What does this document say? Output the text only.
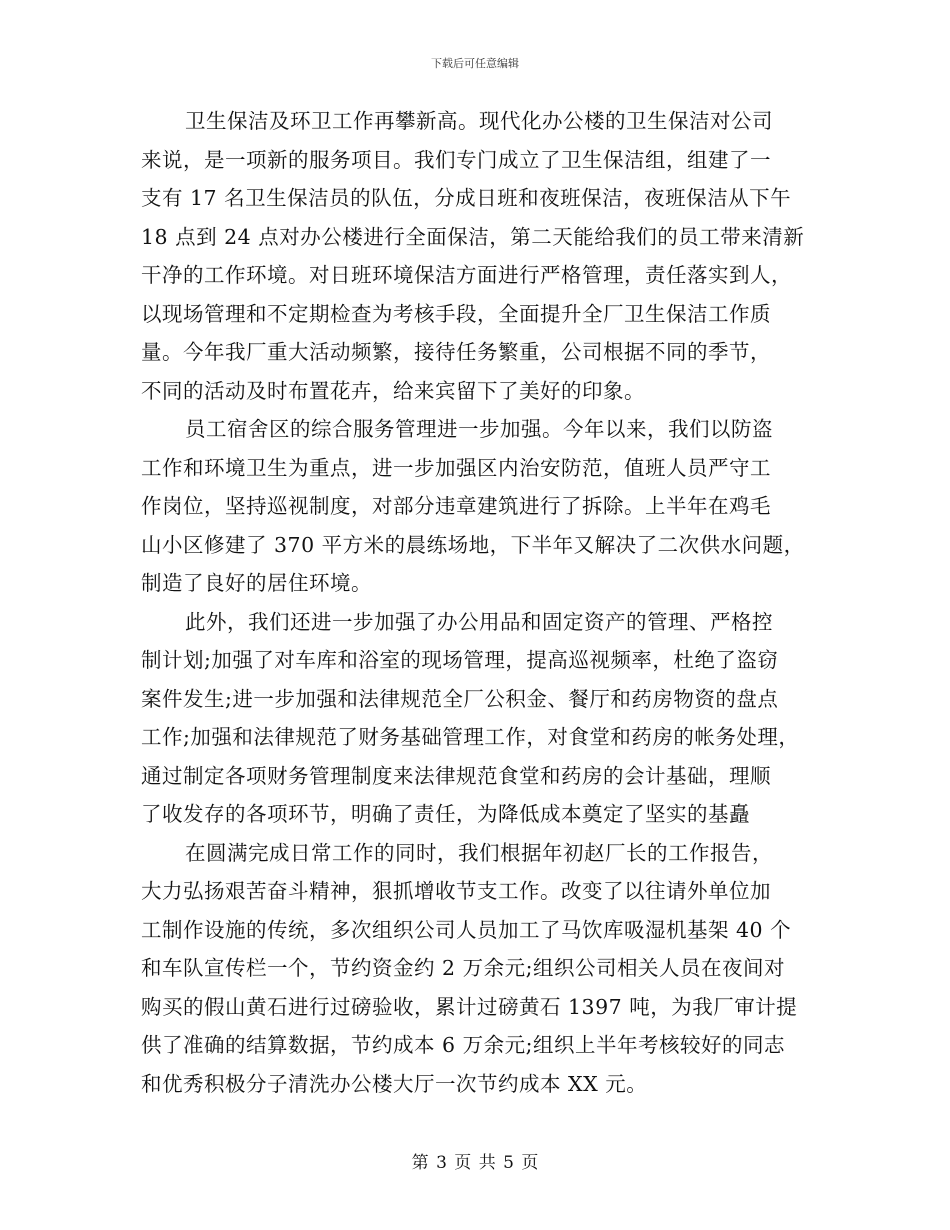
下载后可任意编辑

卫生保洁及环卫工作再攀新高。现代化办公楼的卫生保洁对公司
来说，是一项新的服务项目。我们专门成立了卫生保洁组，组建了一
支有 17 名卫生保洁员的队伍，分成日班和夜班保洁，夜班保洁从下午
18 点到 24 点对办公楼进行全面保洁，第二天能给我们的员工带来清新
干净的工作环境。对日班环境保洁方面进行严格管理，责任落实到人，
以现场管理和不定期检查为考核手段，全面提升全厂卫生保洁工作质
量。今年我厂重大活动频繁，接待任务繁重，公司根据不同的季节，
不同的活动及时布置花卉，给来宾留下了美好的印象。

员工宿舍区的综合服务管理进一步加强。今年以来，我们以防盗
工作和环境卫生为重点，进一步加强区内治安防范，值班人员严守工
作岗位，坚持巡视制度，对部分违章建筑进行了拆除。上半年在鸡毛
山小区修建了 370 平方米的晨练场地，下半年又解决了二次供水问题，
制造了良好的居住环境。

此外，我们还进一步加强了办公用品和固定资产的管理、严格控
制计划;加强了对车库和浴室的现场管理，提高巡视频率，杜绝了盗窃
案件发生;进一步加强和法律规范全厂公积金、餐厅和药房物资的盘点
工作;加强和法律规范了财务基础管理工作，对食堂和药房的帐务处理，
通过制定各项财务管理制度来法律规范食堂和药房的会计基础，理顺
了收发存的各项环节，明确了责任，为降低成本奠定了坚实的基矗

在圆满完成日常工作的同时，我们根据年初赵厂长的工作报告，
大力弘扬艰苦奋斗精神，狠抓增收节支工作。改变了以往请外单位加
工制作设施的传统，多次组织公司人员加工了马饮库吸湿机基架 40 个
和车队宣传栏一个，节约资金约 2 万余元;组织公司相关人员在夜间对
购买的假山黄石进行过磅验收，累计过磅黄石 1397 吨，为我厂审计提
供了准确的结算数据，节约成本 6 万余元;组织上半年考核较好的同志
和优秀积极分子清洗办公楼大厅一次节约成本 XX 元。

第 3 页 共 5 页
